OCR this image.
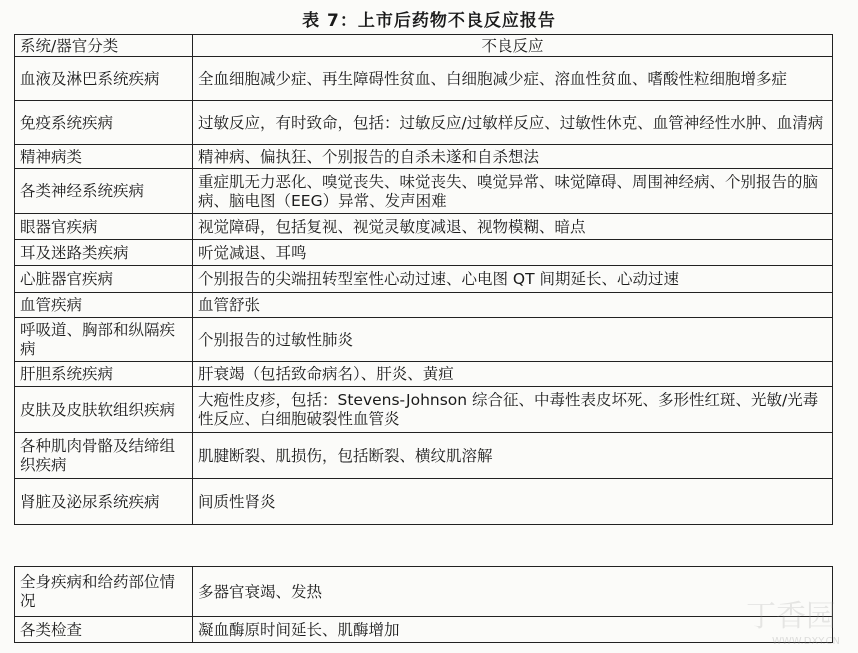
表 7：上市后药物不良反应报告
系统/器官分类	不良反应
血液及淋巴系统疾病	全血细胞减少症、再生障碍性贫血、白细胞减少症、溶血性贫血、嗜酸性粒细胞增多症
免疫系统疾病	过敏反应，有时致命，包括：过敏反应/过敏样反应、过敏性休克、血管神经性水肿、血清病
精神病类	精神病、偏执狂、个别报告的自杀未遂和自杀想法
各类神经系统疾病	重症肌无力恶化、嗅觉丧失、味觉丧失、嗅觉异常、味觉障碍、周围神经病、个别报告的脑病、脑电图（EEG）异常、发声困难
眼器官疾病	视觉障碍，包括复视、视觉灵敏度减退、视物模糊、暗点
耳及迷路类疾病	听觉减退、耳鸣
心脏器官疾病	个别报告的尖端扭转型室性心动过速、心电图 QT 间期延长、心动过速
血管疾病	血管舒张
呼吸道、胸部和纵隔疾病	个别报告的过敏性肺炎
肝胆系统疾病	肝衰竭（包括致命病名）、肝炎、黄疸
皮肤及皮肤软组织疾病	大疱性皮疹，包括：Stevens-Johnson 综合征、中毒性表皮坏死、多形性红斑、光敏/光毒性反应、白细胞破裂性血管炎
各种肌肉骨骼及结缔组织疾病	肌腱断裂、肌损伤，包括断裂、横纹肌溶解
肾脏及泌尿系统疾病	间质性肾炎
全身疾病和给药部位情况	多器官衰竭、发热
各类检查	凝血酶原时间延长、肌酶增加	丁香园
WWW.DXY.CN
